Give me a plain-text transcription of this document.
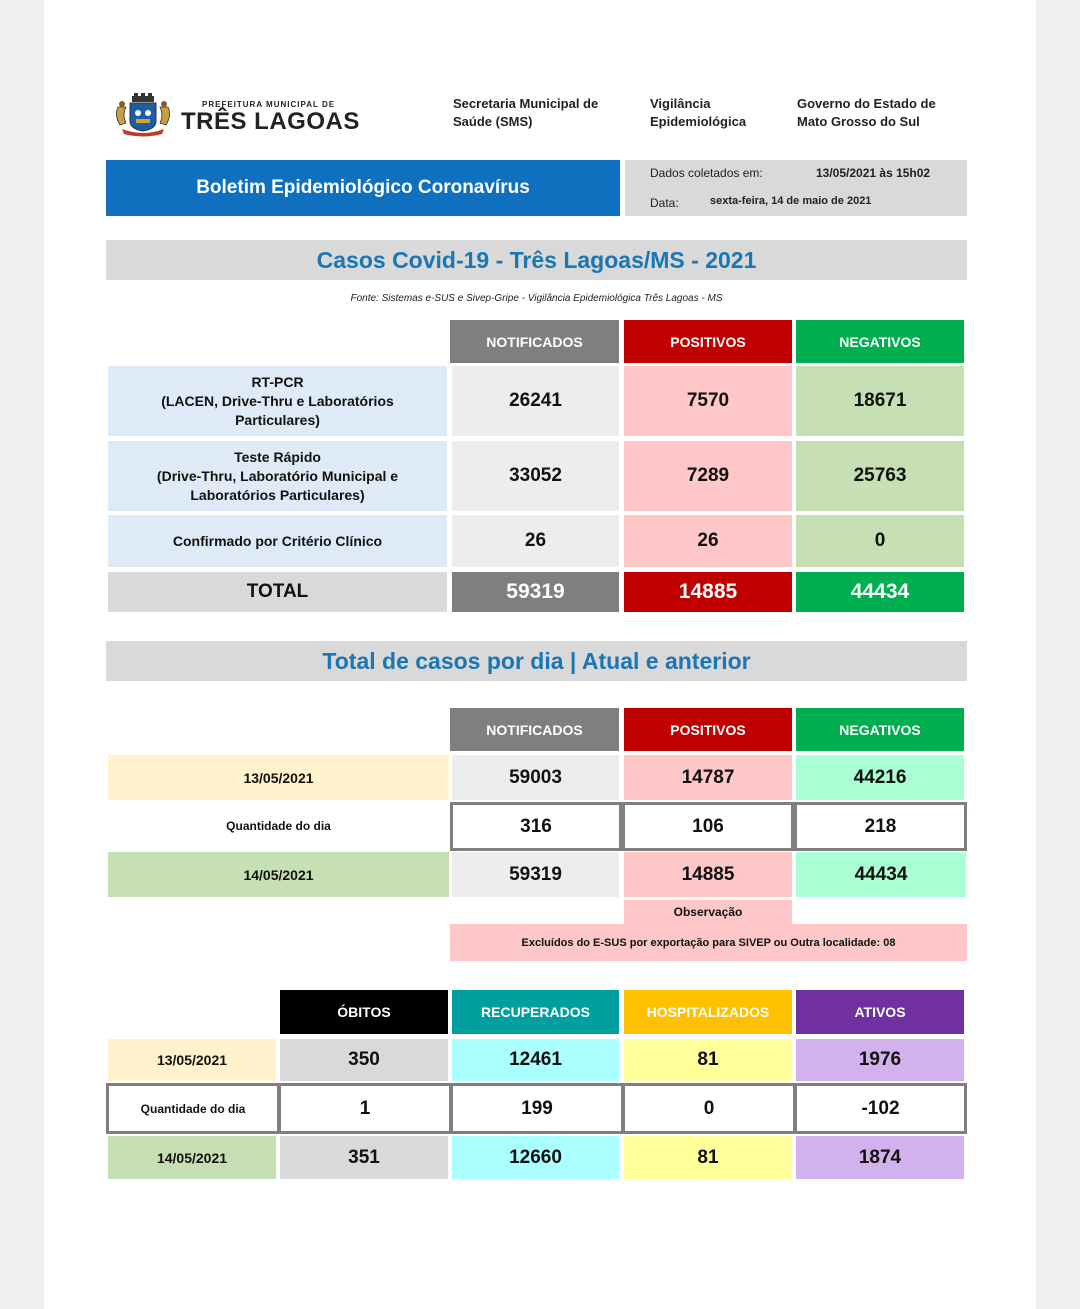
PREFEITURA MUNICIPAL DE
TRÊS LAGOAS
Secretaria Municipal de
Saúde (SMS)
Vigilância
Epidemiológica
Governo do Estado de
Mato Grosso do Sul
Boletim Epidemiológico Coronavírus
Dados coletados em:	13/05/2021 às 15h02
Data:	sexta-feira, 14 de maio de 2021
Casos Covid-19 - Três Lagoas/MS - 2021
Fonte: Sistemas e-SUS e Sivep-Gripe - Vigilância Epidemiológica Três Lagoas - MS
NOTIFICADOS	POSITIVOS	NEGATIVOS
RT-PCR
(LACEN, Drive-Thru e Laboratórios
Particulares)
26241	7570	18671
Teste Rápido
(Drive-Thru, Laboratório Municipal e
Laboratórios Particulares)
33052	7289	25763
Confirmado por Critério Clínico	26	26	0
TOTAL	59319	14885	44434
Total de casos por dia | Atual e anterior
NOTIFICADOS	POSITIVOS	NEGATIVOS
13/05/2021	59003	14787	44216
Quantidade do dia	316	106	218
14/05/2021	59319	14885	44434
Observação
Excluídos do E-SUS por exportação para SIVEP ou Outra localidade: 08
ÓBITOS	RECUPERADOS	HOSPITALIZADOS	ATIVOS
13/05/2021	350	12461	81	1976
Quantidade do dia	1	199	0	-102
14/05/2021	351	12660	81	1874
